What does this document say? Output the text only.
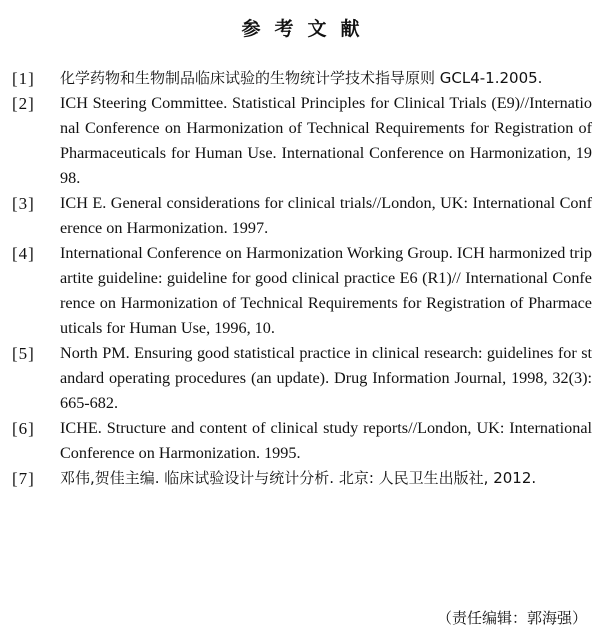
参考文献
[1]	化学药物和生物制品临床试验的生物统计学技术指导原则 GCL4-1.2005.
[2]	ICH Steering Committee. Statistical Principles for Clinical Trials (E9)//International Conference on Harmonization of Technical Requirements for Registration of Pharmaceuticals for Human Use. International Conference on Harmonization, 1998.
[3]	ICH E. General considerations for clinical trials//London, UK: International Conference on Harmonization. 1997.
[4]	International Conference on Harmonization Working Group. ICH harmonized tripartite guideline: guideline for good clinical practice E6 (R1)// International Conference on Harmonization of Technical Requirements for Registration of Pharmaceuticals for Human Use, 1996, 10.
[5]	North PM. Ensuring good statistical practice in clinical research: guidelines for standard operating procedures (an update). Drug Information Journal, 1998, 32(3): 665-682.
[6]	ICHE. Structure and content of clinical study reports//London, UK: International Conference on Harmonization. 1995.
[7]	邓伟,贺佳主编. 临床试验设计与统计分析. 北京: 人民卫生出版社, 2012.
（责任编辑：郭海强）
